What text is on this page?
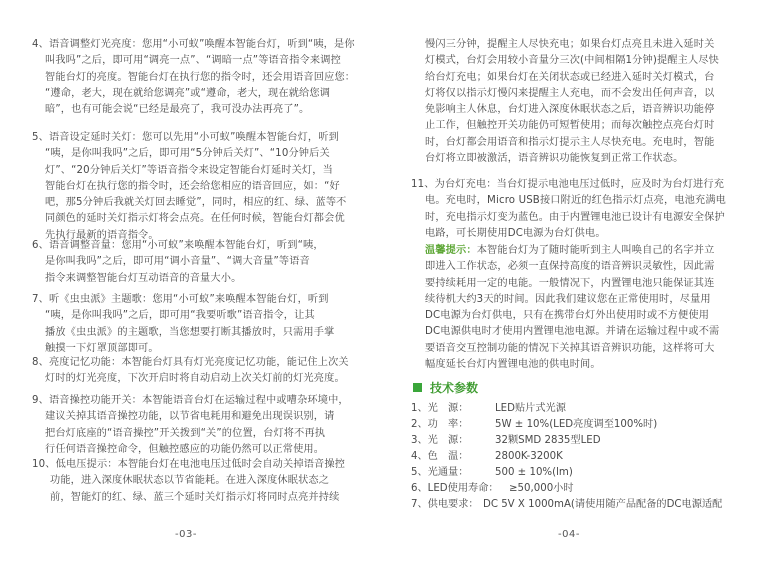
4、语音调整灯光亮度：您用“小可蚁”唤醒本智能台灯，听到“咦，是你

叫我吗”之后，即可用“调亮一点”、“调暗一点”等语音指令来调控

智能台灯的亮度。智能台灯在执行您的指令时，还会用语音回应您：

“遵命，老大，现在就给您调亮”或“遵命，老大，现在就给您调

暗”，也有可能会说“已经是最亮了，我可没办法再亮了”。

5、语音设定延时关灯：您可以先用“小可蚁”唤醒本智能台灯，听到

“咦，是你叫我吗”之后，即可用“5分钟后关灯”、“10分钟后关

灯”、“20分钟后关灯”等语音指令来设定智能台灯延时关灯，当

智能台灯在执行您的指令时，还会给您相应的语音回应，如：“好

吧，那5分钟后我就关灯回去睡觉”，同时，相应的红、绿、蓝等不

同颜色的延时关灯指示灯将会点亮。在任何时候，智能台灯都会优

先执行最新的语音指令。

6、语音调整音量：您用“小可蚁”来唤醒本智能台灯，听到“咦，

是你叫我吗”之后，即可用“调小音量”、“调大音量”等语音

指令来调整智能台灯互动语音的音量大小。

7、听《虫虫派》主题歌：您用“小可蚁”来唤醒本智能台灯，听到

“咦，是你叫我吗”之后，即可用“我要听歌”语音指令，让其

播放《虫虫派》的主题歌，当您想要打断其播放时，只需用手掌

触摸一下灯罩顶部即可。

8、亮度记忆功能：本智能台灯具有灯光亮度记忆功能，能记住上次关

灯时的灯光亮度，下次开启时将自动启动上次关灯前的灯光亮度。

9、语音操控功能开关：本智能语音台灯在运输过程中或嘈杂环境中，

建议关掉其语音操控功能，以节省电耗用和避免出现误识别，请

把台灯底座的“语音操控”开关拨到“关”的位置，台灯将不再执

行任何语音操控命令，但触控感应的功能仍然可以正常使用。

10、低电压提示：本智能台灯在电池电压过低时会自动关掉语音操控

功能，进入深度休眠状态以节省能耗。在进入深度休眠状态之

前，智能灯的红、绿、蓝三个延时关灯指示灯将同时点亮并持续

-03-

慢闪三分钟，提醒主人尽快充电；如果台灯点亮且未进入延时关

灯模式，台灯会用较小音量分三次(中间相隔1分钟)提醒主人尽快

给台灯充电；如果台灯在关闭状态或已经进入延时关灯模式，台

灯将仅以指示灯慢闪来提醒主人充电，而不会发出任何声音，以

免影响主人休息，台灯进入深度休眠状态之后，语音辨识功能停

止工作，但触控开关功能仍可短暂使用；而每次触控点亮台灯时

时，台灯都会用语音和指示灯提示主人尽快充电。充电时，智能

台灯将立即被激活，语音辨识功能恢复到正常工作状态。

11、为台灯充电：当台灯提示电池电压过低时，应及时为台灯进行充

电。充电时，Micro USB接口附近的红色指示灯点亮，电池充满电

时，充电指示灯变为蓝色。由于内置锂电池已设计有电源安全保护

电路，可长期使用DC电源为台灯供电。

温馨提示：本智能台灯为了随时能听到主人叫唤自己的名字并立

即进入工作状态，必须一直保持高度的语音辨识灵敏性，因此需

要持续耗用一定的电能。一般情况下，内置锂电池只能保证其连

续待机大约3天的时间。因此我们建议您在正常使用时，尽量用

DC电源为台灯供电，只有在携带台灯外出使用时或不方便使用

DC电源供电时才使用内置锂电池电源。并请在运输过程中或不需

要语音交互控制功能的情况下关掉其语音辨识功能，这样将可大

幅度延长台灯内置锂电池的供电时间。

技术参数
1、光　源：	LED贴片式光源
2、功　率：	5W ± 10%(LED亮度调至100%时)
3、光　源：	32颗SMD 2835型LED
4、色　温：	2800K-3200K
5、光通量：	500 ± 10%(lm)
6、LED使用寿命： ≥50,000小时
7、供电要求： DC 5V X 1000mA(请使用随产品配备的DC电源适配
-04-
